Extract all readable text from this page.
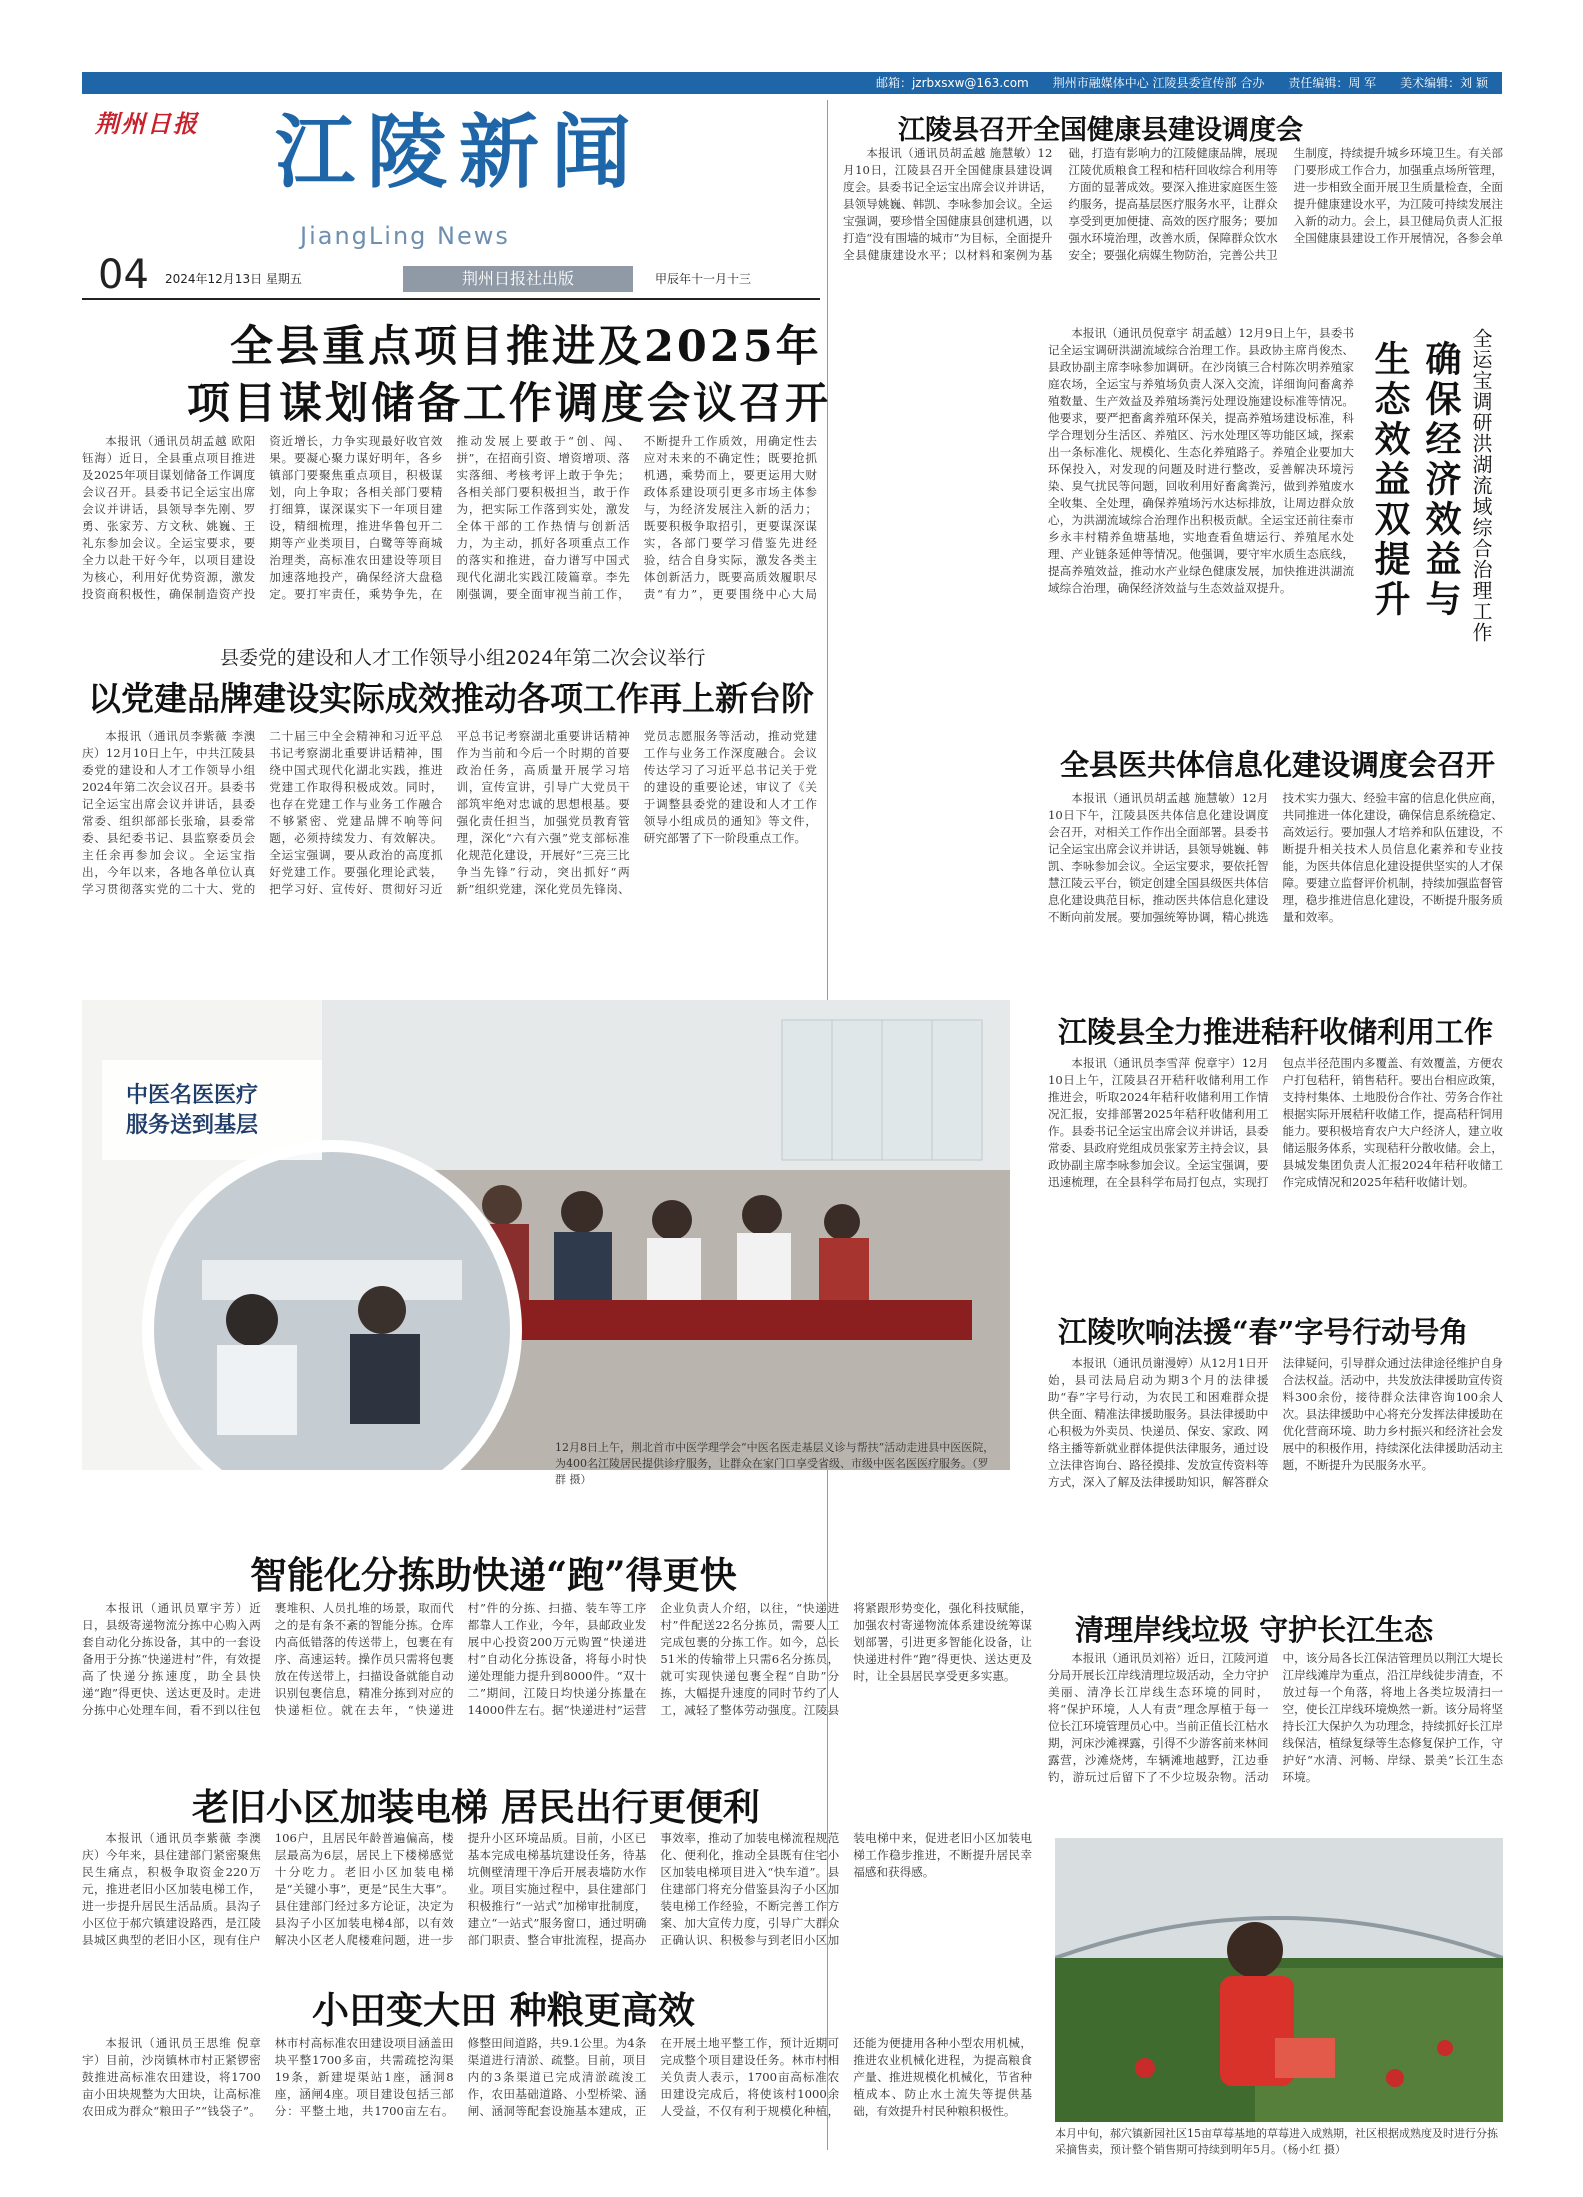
邮箱：jzrbxsxw@163.com　　荆州市融媒体中心 江陵县委宣传部 合办　　责任编辑：周 军　　美术编辑：刘 颖
荆州日报 江陵新闻
JiangLing News
04 2024年12月13日 星期五	荆州日报社出版	甲辰年十一月十三
江陵县召开全国健康县建设调度会

本报讯（通讯员胡孟越 施慧敏）12月10日，江陵县召开全国健康县建设调度会。县委书记全运宝出席会议并讲话，县领导姚巍、韩凯、李咏参加会议。全运宝强调，要珍惜全国健康县创建机遇，以打造“没有围墙的城市”为目标，全面提升全县健康建设水平；以材料和案例为基础，打造有影响力的江陵健康品牌，展现江陵优质粮食工程和桔秆回收综合利用等方面的显著成效。要深入推进家庭医生签约服务，提高基层医疗服务水平，让群众享受到更加便捷、高效的医疗服务；要加强水环境治理，改善水质，保障群众饮水安全；要强化病媒生物防治，完善公共卫生制度，持续提升城乡环境卫生。有关部门要形成工作合力，加强重点场所管理，进一步相致全面开展卫生质量检查，全面提升健康建设水平，为江陵可持续发展注入新的动力。会上，县卫健局负责人汇报全国健康县建设工作开展情况，各参会单

全县重点项目推进及2025年
项目谋划储备工作调度会议召开

本报讯（通讯员胡孟越 欧阳钰海）近日，全县重点项目推进及2025年项目谋划储备工作调度会议召开。县委书记全运宝出席会议并讲话，县领导李先刚、罗勇、张家芳、方文秋、姚巍、王礼东参加会议。全运宝要求，要全力以赴干好今年，以项目建设为核心，利用好优势资源，激发投资商积极性，确保制造资产投资近增长，力争实现最好收官效果。要凝心聚力谋好明年，各乡镇部门要聚焦重点项目，积极谋划，向上争取；各相关部门要精打细算，谋深谋实下一年项目建设，精细梳理，推进华鲁包开二期等产业类项目，白鹭等等商城治理类，高标准农田建设等项目加速落地投产，确保经济大盘稳定。要打牢责任，乘势争先，在推动发展上要敢于“创、闯、拼”，在招商引资、增资增项、落实落细、考核考评上敢于争先；各相关部门要积极担当，敢于作为，把实际工作落到实处，激发全体干部的工作热情与创新活力，为主动，抓好各项重点工作的落实和推进，奋力谱写中国式现代化湖北实践江陵篇章。李先刚强调，要全面审视当前工作，不断提升工作质效，用确定性去应对未来的不确定性；既要抢抓机遇，乘势而上，要更运用大财政体系建设项引更多市场主体参与，为经济发展注入新的活力；既要积极争取招引，更要谋深谋实，各部门要学习借鉴先进经验，结合自身实际，激发各类主体创新活力，既要高质效履职尽责“有力”，更要围绕中心大局

本报讯（通讯员倪章宇 胡孟越）12月9日上午，县委书记全运宝调研洪湖流域综合治理工作。县政协主席肖俊杰、县政协副主席李咏参加调研。在沙岗镇三合村陈次明养殖家庭农场，全运宝与养殖场负责人深入交流，详细询问畜禽养殖数量、生产效益及养殖场粪污处理设施建设标准等情况。他要求，要严把畜禽养殖环保关，提高养殖场建设标准，科学合理划分生活区、养殖区、污水处理区等功能区域，探索出一条标准化、规模化、生态化养殖路子。养殖企业要加大环保投入，对发现的问题及时进行整改，妥善解决环境污染、臭气扰民等问题，回收利用好畜禽粪污，做到养殖废水全收集、全处理，确保养殖场污水达标排放，让周边群众放心，为洪湖流域综合治理作出积极贡献。全运宝还前往秦市乡永丰村精养鱼塘基地，实地查看鱼塘运行、养殖尾水处理、产业链条延伸等情况。他强调，要守牢水质生态底线，提高养殖效益，推动水产业绿色健康发展，加快推进洪湖流域综合治理，确保经济效益与生态效益双提升。	全运宝调研洪湖流域综合治理工作
确保经济效益与
生态效益双提升
县委党的建设和人才工作领导小组2024年第二次会议举行
以党建品牌建设实际成效推动各项工作再上新台阶

本报讯（通讯员李紫薇 李澳庆）12月10日上午，中共江陵县委党的建设和人才工作领导小组2024年第二次会议召开。县委书记全运宝出席会议并讲话，县委常委、组织部部长张瑜，县委常委、县纪委书记、县监察委员会主任余再参加会议。全运宝指出，今年以来，各地各单位认真学习贯彻落实党的二十大、党的二十届三中全会精神和习近平总书记考察湖北重要讲话精神，围绕中国式现代化湖北实践，推进党建工作取得积极成效。同时，也存在党建工作与业务工作融合不够紧密、党建品牌不响等问题，必须持续发力、有效解决。全运宝强调，要从政治的高度抓好党建工作。要强化理论武装，把学习好、宣传好、贯彻好习近平总书记考察湖北重要讲话精神作为当前和今后一个时期的首要政治任务，高质量开展学习培训，宣传宣讲，引导广大党员干部筑牢绝对忠诚的思想根基。要强化责任担当，加强党员教育管理，深化“六有六强”党支部标准化规范化建设，开展好“三亮三比 争当先锋”行动，突出抓好“两新”组织党建，深化党员先锋岗、党员志愿服务等活动，推动党建工作与业务工作深度融合。会议传达学习了习近平总书记关于党的建设的重要论述，审议了《关于调整县委党的建设和人才工作领导小组成员的通知》等文件，研究部署了下一阶段重点工作。

全县医共体信息化建设调度会召开

本报讯（通讯员胡孟越 施慧敏）12月10日下午，江陵县医共体信息化建设调度会召开，对相关工作作出全面部署。县委书记全运宝出席会议并讲话，县领导姚巍、韩凯、李咏参加会议。全运宝要求，要依托智慧江陵云平台，锁定创建全国县级医共体信息化建设典范目标，推动医共体信息化建设不断向前发展。要加强统筹协调，精心挑选技术实力强大、经验丰富的信息化供应商，共同推进一体化建设，确保信息系统稳定、高效运行。要加强人才培养和队伍建设，不断提升相关技术人员信息化素养和专业技能，为医共体信息化建设提供坚实的人才保障。要建立监督评价机制，持续加强监督管理，稳步推进信息化建设，不断提升服务质量和效率。

江陵县全力推进秸秆收储利用工作

本报讯（通讯员李雪萍 倪章宇）12月10日上午，江陵县召开秸秆收储利用工作推进会，听取2024年秸秆收储利用工作情况汇报，安排部署2025年秸秆收储利用工作。县委书记全运宝出席会议并讲话，县委常委、县政府党组成员张家芳主持会议，县政协副主席李咏参加会议。全运宝强调，要迅速梳理，在全县科学布局打包点，实现打包点半径范围内多覆盖、有效覆盖，方便农户打包秸秆，销售秸秆。要出台相应政策，支持村集体、土地股份合作社、劳务合作社根据实际开展秸秆收储工作，提高秸秆饲用能力。要积极培育农户大户经济人，建立收储运服务体系，实现秸秆分散收储。会上，县城发集团负责人汇报2024年秸秆收储工作完成情况和2025年秸秆收储计划。

江陵吹响法援“春”字号行动号角

本报讯（通讯员谢漫婷）从12月1日开始，县司法局启动为期3个月的法律援助“春”字号行动，为农民工和困难群众提供全面、精准法律援助服务。县法律援助中心积极为外卖员、快递员、保安、家政、网络主播等新就业群体提供法律服务，通过设立法律咨询台、路径摸排、发放宣传资料等方式，深入了解及法律援助知识，解答群众法律疑问，引导群众通过法律途径维护自身合法权益。活动中，共发放法律援助宣传资料300余份，接待群众法律咨询100余人次。县法律援助中心将充分发挥法律援助在优化营商环境、助力乡村振兴和经济社会发展中的积极作用，持续深化法律援助活动主题，不断提升为民服务水平。

中医名医医疗
服务送到基层
12月8日上午，荆北首市中医学理学会“中医名医走基层义诊与帮扶”活动走进县中医医院，为400名江陵居民提供诊疗服务，让群众在家门口享受省级、市级中医名医医疗服务。（罗群 摄）
智能化分拣助快递“跑”得更快

本报讯（通讯员覃宇芳）近日，县级寄递物流分拣中心购入两套自动化分拣设备，其中的一套设备用于分拣“快递进村”件，有效提高了快递分拣速度，助全县快递“跑”得更快、送达更及时。走进分拣中心处理车间，看不到以往包裹堆积、人员扎堆的场景，取而代之的是有条不紊的智能分拣。仓库内高低错落的传送带上，包裹在有序、高速运转。操作员只需将包裹放在传送带上，扫描设备就能自动识别包裹信息，精准分拣到对应的快递柜位。就在去年，“快递进村”件的分拣、扫描、装车等工序都靠人工作业，今年，县邮政业发展中心投资200万元购置“快递进村”自动化分拣设备，将每小时快递处理能力提升到8000件。“双十二”期间，江陵日均快递分拣量在14000件左右。据“快递进村”运营企业负责人介绍，以往，“快递进村”件配送22名分拣员，需要人工完成包裹的分拣工作。如今，总长51米的传输带上只需6名分拣员，就可实现快递包裹全程“自助”分拣，大幅提升速度的同时节约了人工，减轻了整体劳动强度。江陵县将紧跟形势变化，强化科技赋能，加强农村寄递物流体系建设统筹谋划部署，引进更多智能化设备，让快递进村件“跑”得更快、送达更及时，让全县居民享受更多实惠。

清理岸线垃圾 守护长江生态

本报讯（通讯员刘裕）近日，江陵河道分局开展长江岸线清理垃圾活动，全力守护美丽、清净长江岸线生态环境的同时，将“保护环境，人人有责”理念厚植于每一位长江环境管理员心中。当前正值长江枯水期，河床沙滩裸露，引得不少游客前来林间露营，沙滩烧烤，车辆滩地越野，江边垂钓，游玩过后留下了不少垃圾杂物。活动中，该分局各长江保洁管理员以荆江大堤长江岸线滩岸为重点，沿江岸线徒步清查，不放过每一个角落，将地上各类垃圾清扫一空，使长江岸线环境焕然一新。该分局将坚持长江大保护久为功理念，持续抓好长江岸线保洁，植绿复绿等生态修复保护工作，守护好“水清、河畅、岸绿、景美”长江生态环境。

老旧小区加装电梯 居民出行更便利

本报讯（通讯员李紫薇 李澳庆）今年来，县住建部门紧密聚焦民生痛点，积极争取资金220万元，推进老旧小区加装电梯工作，进一步提升居民生活品质。县沟子小区位于郝穴镇建设路西，是江陵县城区典型的老旧小区，现有住户106户，且居民年龄普遍偏高，楼层最高为6层，居民上下楼梯感觉十分吃力。老旧小区加装电梯是“关键小事”，更是“民生大事”。县住建部门经过多方论证，决定为县沟子小区加装电梯4部，以有效解决小区老人爬楼难问题，进一步提升小区环境品质。目前，小区已基本完成电梯基坑建设任务，待基坑侧壁清理干净后开展表墙防水作业。项目实施过程中，县住建部门积极推行“一站式”加梯审批制度，建立“一站式”服务窗口，通过明确部门职责、整合审批流程，提高办事效率，推动了加装电梯流程规范化、便利化，推动全县既有住宅小区加装电梯项目进入“快车道”。县住建部门将充分借鉴县沟子小区加装电梯工作经验，不断完善工作方案、加大宣传力度，引导广大群众正确认识、积极参与到老旧小区加装电梯中来，促进老旧小区加装电梯工作稳步推进，不断提升居民幸福感和获得感。

本月中旬，郝穴镇新园社区15亩草莓基地的草莓进入成熟期，社区根据成熟度及时进行分拣采摘售卖，预计整个销售期可持续到明年5月。（杨小红 摄）
小田变大田 种粮更高效

本报讯（通讯员王思维 倪章宇）目前，沙岗镇林市村正紧锣密鼓推进高标准农田建设，将1700亩小田块规整为大田块，让高标准农田成为群众“粮田子”“钱袋子”。林市村高标准农田建设项目涵盖田块平整1700多亩，共需疏挖沟渠19条，新建堤渠站1座，涵洞8座，涵闸4座。项目建设包括三部分：平整土地，共1700亩左右。修整田间道路，共9.1公里。为4条渠道进行清淤、疏整。目前，项目内的3条渠道已完成清淤疏浚工作，农田基础道路、小型桥梁、涵闸、涵洞等配套设施基本建成，正在开展土地平整工作，预计近期可完成整个项目建设任务。林市村相关负责人表示，1700亩高标准农田建设完成后，将使该村1000余人受益，不仅有利于规模化种植，还能为便捷用各种小型农用机械，推进农业机械化进程，为提高粮食产量、推进规模化机械化，节省种植成本、防止水土流失等提供基础，有效提升村民种粮积极性。
